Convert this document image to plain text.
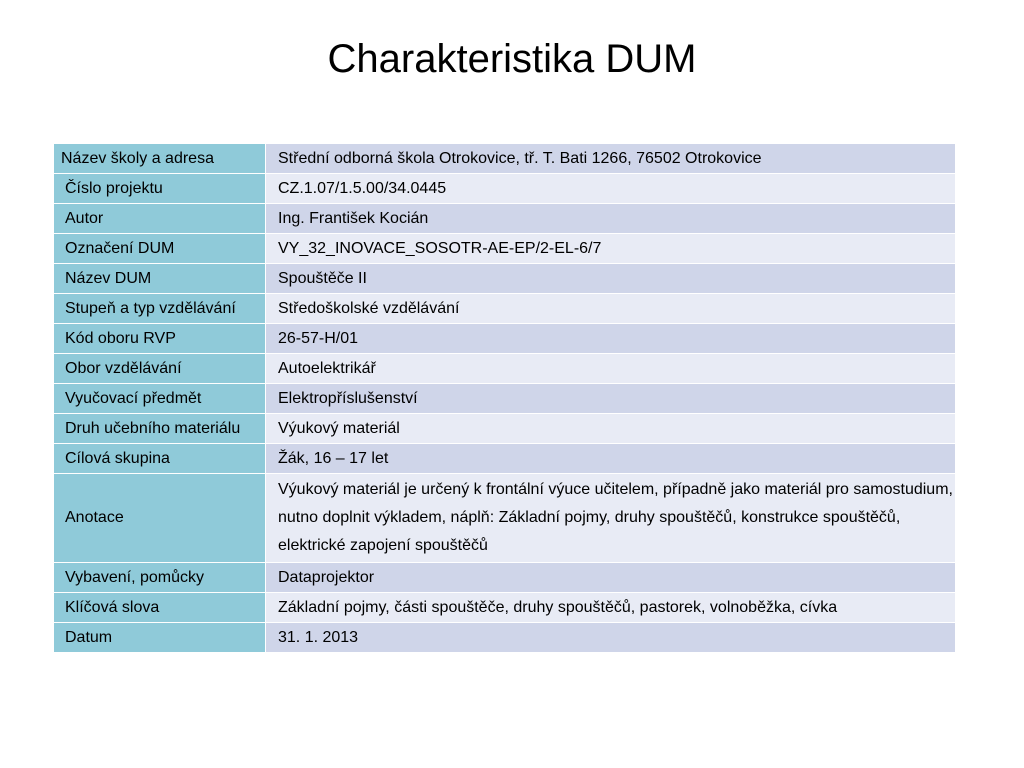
Charakteristika DUM
Název školy a adresa	Střední odborná škola Otrokovice, tř. T. Bati 1266, 76502 Otrokovice
Číslo projektu	CZ.1.07/1.5.00/34.0445
Autor	Ing. František Kocián
Označení DUM	VY_32_INOVACE_SOSOTR-AE-EP/2-EL-6/7
Název DUM	Spouštěče II
Stupeň a typ vzdělávání	Středoškolské vzdělávání
Kód oboru RVP	26-57-H/01
Obor vzdělávání	Autoelektrikář
Vyučovací předmět	Elektropříslušenství
Druh učebního materiálu	Výukový materiál
Cílová skupina	Žák, 16 – 17 let
Anotace	Výukový materiál je určený k frontální výuce učitelem, případně jako materiál pro samostudium, nutno doplnit výkladem, náplň: Základní pojmy, druhy spouštěčů, konstrukce spouštěčů, elektrické zapojení spouštěčů
Vybavení, pomůcky	Dataprojektor
Klíčová slova	Základní pojmy, části spouštěče, druhy spouštěčů, pastorek, volnoběžka, cívka
Datum	31. 1. 2013
